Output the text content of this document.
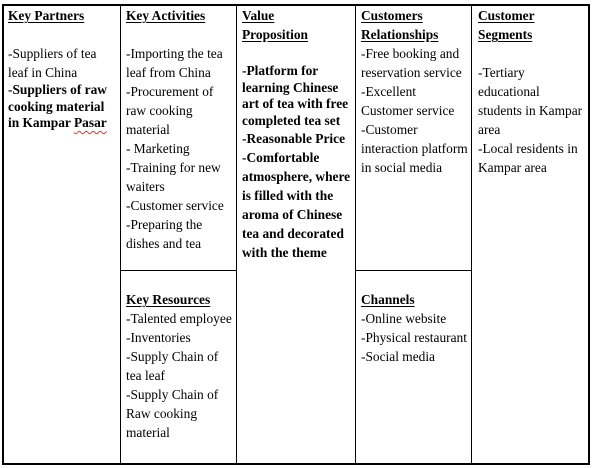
Key Partners
-Suppliers of tea leaf in China
-Suppliers of raw cooking material in Kampar Pasar
Key Activities
-Importing the tea leaf from China
-Procurement of raw cooking material
- Marketing
-Training for new waiters
-Customer service
-Preparing the dishes and tea
Key Resources
-Talented employee
-Inventories
-Supply Chain of tea leaf
-Supply Chain of Raw cooking material
Value
Proposition
-Platform for learning Chinese art of tea with free completed tea set
-Reasonable Price
-Comfortable atmosphere, where is filled with the aroma of Chinese tea and decorated with the theme
Customers
Relationships
-Free booking and reservation service
-Excellent Customer service
-Customer interaction platform in social media
Channels
-Online website
-Physical restaurant
-Social media
Customer
Segments
-Tertiary educational students in Kampar area
-Local residents in Kampar area
